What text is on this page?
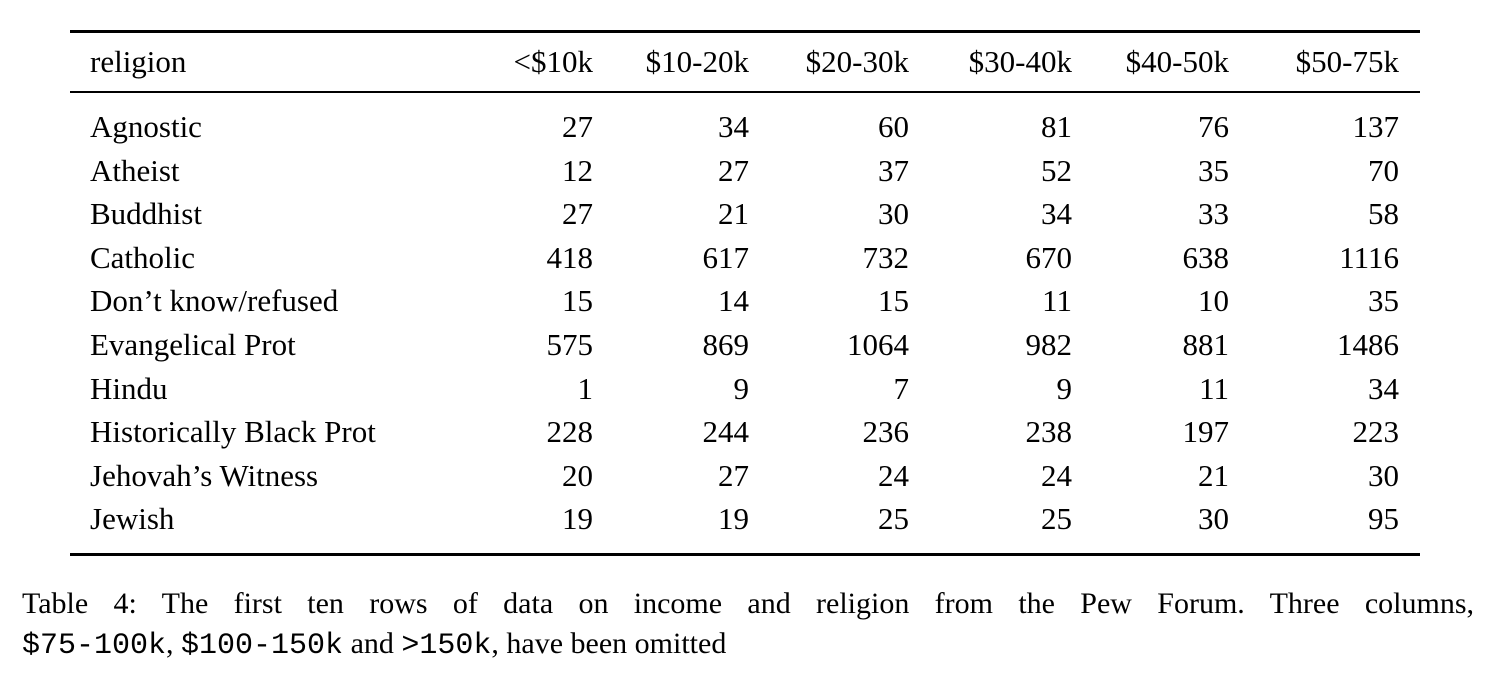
religion	<$10k	$10-20k	$20-30k	$30-40k	$40-50k	$50-75k
Agnostic	27	34	60	81	76	137
Atheist	12	27	37	52	35	70
Buddhist	27	21	30	34	33	58
Catholic	418	617	732	670	638	1116
Don’t know/refused	15	14	15	11	10	35
Evangelical Prot	575	869	1064	982	881	1486
Hindu	1	9	7	9	11	34
Historically Black Prot	228	244	236	238	197	223
Jehovah’s Witness	20	27	24	24	21	30
Jewish	19	19	25	25	30	95
Table 4: The first ten rows of data on income and religion from the Pew Forum. Three columns,
$75-100k, $100-150k and >150k, have been omitted
